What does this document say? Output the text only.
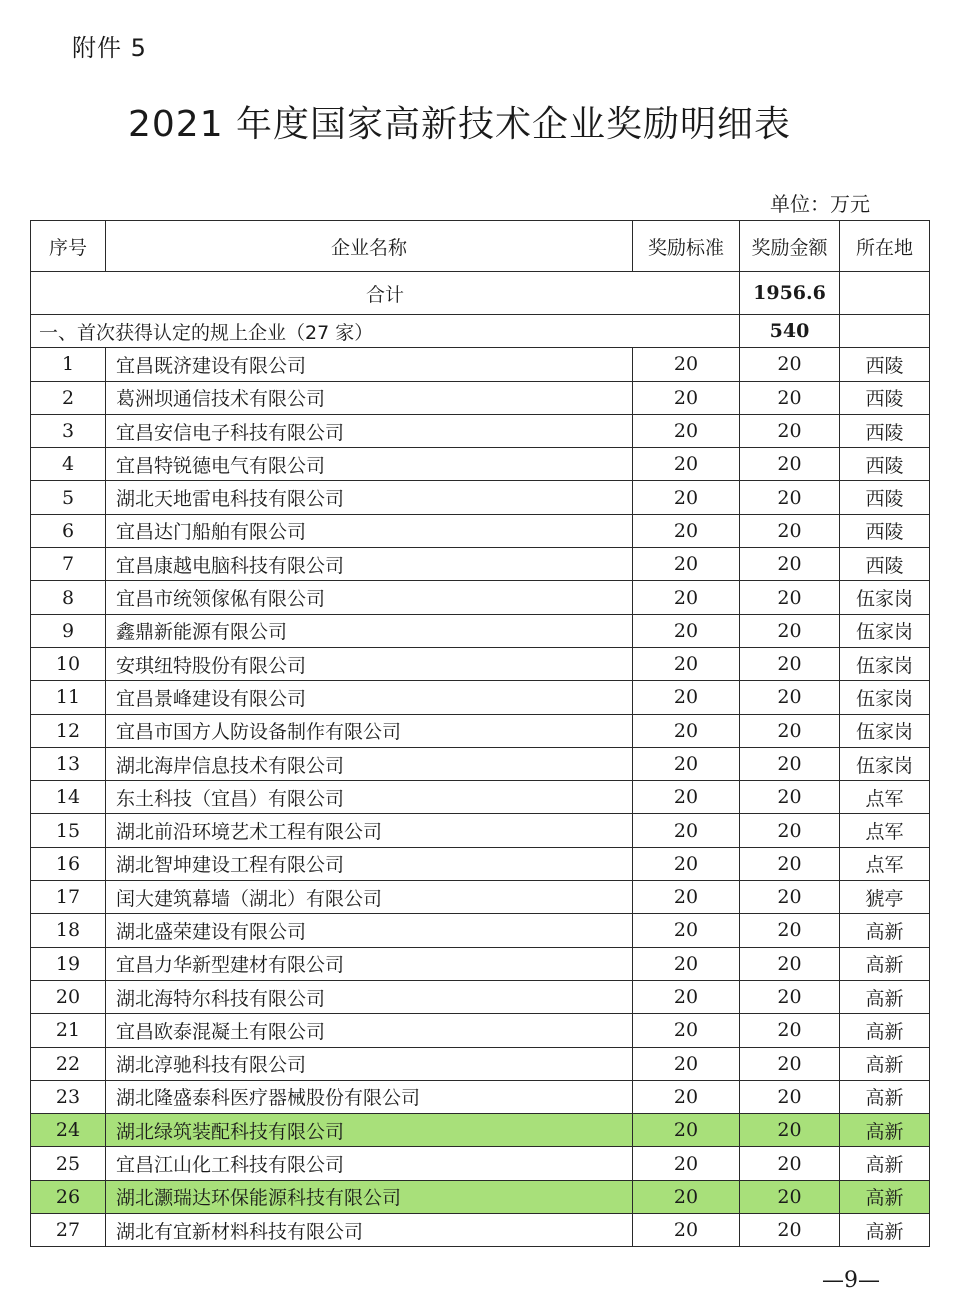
附件 5
2021 年度国家高新技术企业奖励明细表
单位：万元
序号	企业名称	奖励标准	奖励金额	所在地
合计			1956.6	
一、首次获得认定的规上企业（27 家）			540	
1	宜昌既济建设有限公司	20	20	西陵
2	葛洲坝通信技术有限公司	20	20	西陵
3	宜昌安信电子科技有限公司	20	20	西陵
4	宜昌特锐德电气有限公司	20	20	西陵
5	湖北天地雷电科技有限公司	20	20	西陵
6	宜昌达门船舶有限公司	20	20	西陵
7	宜昌康越电脑科技有限公司	20	20	西陵
8	宜昌市统领傢俬有限公司	20	20	伍家岗
9	鑫鼎新能源有限公司	20	20	伍家岗
10	安琪纽特股份有限公司	20	20	伍家岗
11	宜昌景峰建设有限公司	20	20	伍家岗
12	宜昌市国方人防设备制作有限公司	20	20	伍家岗
13	湖北海岸信息技术有限公司	20	20	伍家岗
14	东土科技（宜昌）有限公司	20	20	点军
15	湖北前沿环境艺术工程有限公司	20	20	点军
16	湖北智坤建设工程有限公司	20	20	点军
17	闰大建筑幕墙（湖北）有限公司	20	20	猇亭
18	湖北盛荣建设有限公司	20	20	高新
19	宜昌力华新型建材有限公司	20	20	高新
20	湖北海特尔科技有限公司	20	20	高新
21	宜昌欧泰混凝土有限公司	20	20	高新
22	湖北淳驰科技有限公司	20	20	高新
23	湖北隆盛泰科医疗器械股份有限公司	20	20	高新
24	湖北绿筑装配科技有限公司	20	20	高新
25	宜昌江山化工科技有限公司	20	20	高新
26	湖北灏瑞达环保能源科技有限公司	20	20	高新
27	湖北有宜新材料科技有限公司	20	20	高新
—9—
